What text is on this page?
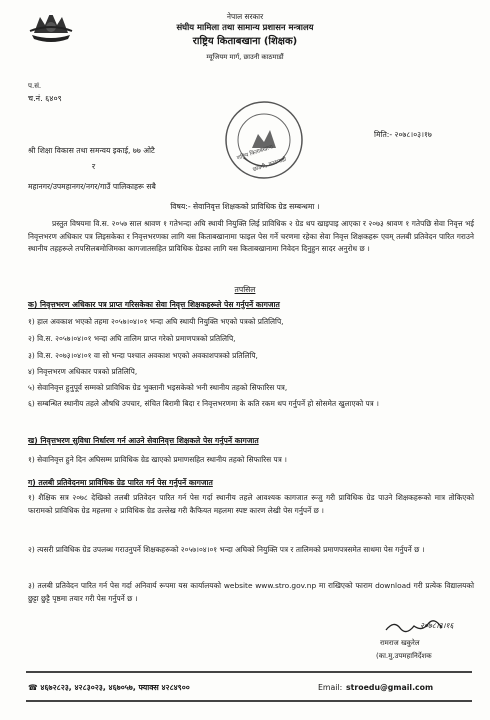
नेपाल सरकार
संघीय मामिला तथा सामान्य प्रशासन मन्त्रालय
राष्ट्रिय किताबखाना (शिक्षक)
म्यूजियम मार्ग, छाउनी काठमाडौं
प.सं.
च.नं. ६४०९
राष्ट्रिय किताबखाना
छाउनी, काठमाडौं
मिति:- २०७८।०३।१७
श्री शिक्षा विकास तथा समन्वय इकाई, ७७ ओटै
र
महानगर/उपमहानगर/नगर/गाउँ पालिकाहरू सबै
विषय:- सेवानिवृत्त शिक्षकको प्राविधिक ग्रेड सम्बन्धमा ।
प्रस्तुत विषयमा वि.स. २०५७ साल श्रावण १ गतेभन्दा अघि स्थायी नियुक्ति लिई प्राविधिक २ ग्रेड थप खाइपाइ आएका र २०७३ श्रावण १ गतेपछि सेवा निवृत्त भई निवृत्तभरण अधिकार पत्र लिइसकेका र निवृत्तभरणका लागि यस किताबखानामा फाइल पेस गर्ने चरणमा रहेका सेवा निवृत्त शिक्षकहरू एवम् तलबी प्रतिवेदन पारित गराउने स्थानीय तहहरूले तपसिलबमोजिमका कागजातसहित प्राविधिक ग्रेडका लागि यस किताबखानामा निवेदन दिनुहुन सादर अनुरोध छ ।
तपसिल
क) निवृत्तभरण अधिकार पत्र प्राप्त गरिसकेका सेवा निवृत्त शिक्षकहरूले पेस गर्नुपर्ने कागजात
१) हाल अवकाश भएको तहमा २०५७।०४।०१ भन्दा अघि स्थायी नियुक्ति भएको पत्रको प्रतिलिपि,
२) वि.स. २०५७।०४।०१ भन्दा अघि तालिम प्राप्त गरेको प्रमाणपत्रको प्रतिलिपि,
३) वि.स. २०७३।०४।०१ वा सो भन्दा पश्चात अवकाश भएको अवकाशपत्रको प्रतिलिपि,
४) निवृत्तभरण अधिकार पत्रको प्रतिलिपि,
५) सेवानिवृत्त हुनुपूर्व सम्मको प्राविधिक ग्रेड भुक्तानी भइसकेको भनी स्थानीय तहको सिफारिस पत्र,
६) सम्बन्धित स्थानीय तहले औषधि उपचार, संचित बिरामी बिदा र निवृत्तभरणमा के कति रकम थप गर्नुपर्ने हो सोसमेत खुलाएको पत्र ।
ख) निवृत्तभरण सुविधा निर्धारण गर्न आउने सेवानिवृत्त शिक्षकले पेस गर्नुपर्ने कागजात
१) सेवानिवृत्त हुने दिन अघिसम्म प्राविधिक ग्रेड खाएको प्रमाणसहित स्थानीय तहको सिफारिस पत्र ।
ग) तलबी प्रतिवेदनमा प्राविधिक ग्रेड पारित गर्न पेस गर्नुपर्ने कागजात
१) शैक्षिक सत्र २०७८ देखिको तलबी प्रतिवेदन पारित गर्न पेस गर्दा स्थानीय तहले आवश्यक कागजात रूजु गरी प्राविधिक ग्रेड पाउने शिक्षकहरूको मात्र तोकिएको फारामको प्राविधिक ग्रेड महलमा २ प्राविधिक ग्रेड उल्लेख गरी कैफियत महलमा स्पष्ट कारण लेखी पेस गर्नुपर्ने छ ।
२) त्यसरी प्राविधिक ग्रेड उपलब्ध गराउनुपर्ने शिक्षकहरूको २०५७।०४।०१ भन्दा अघिको नियुक्ति पत्र र तालिमको प्रमाणपत्रसमेत साथमा पेस गर्नुपर्ने छ ।
३) तलबी प्रतिवेदन पारित गर्न पेस गर्दा अनिवार्य रूपमा यस कार्यालयको website www.stro.gov.np मा राखिएको फाराम download गरी प्रत्येक विद्यालयको छुट्टा छुट्टै पृष्ठमा तयार गरी पेस गर्नुपर्ने छ ।
२०७८।३।१६
रामराज खकुरेल
(का.मु.उपमहानिर्देशक
☎ ४६७२८२३, ४२८३०२३, ४६७०५७, फ्याक्स ४२८४९००	Email: stroedu@gmail.com
